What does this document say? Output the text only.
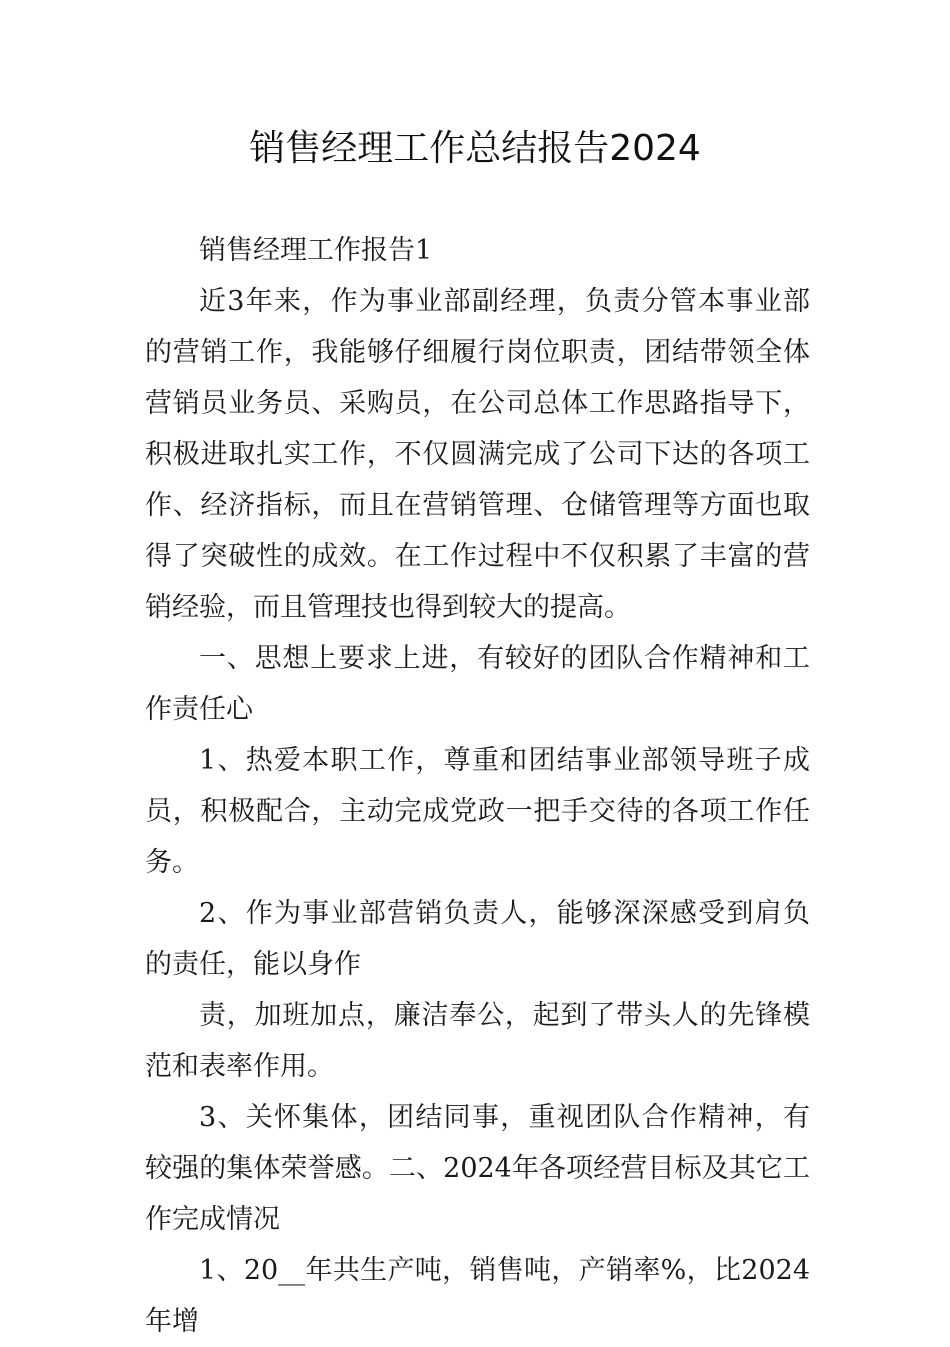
销售经理工作总结报告2024

销售经理工作报告1

近3年来，作为事业部副经理，负责分管本事业部的营销工作，我能够仔细履行岗位职责，团结带领全体营销员业务员、采购员，在公司总体工作思路指导下，积极进取扎实工作，不仅圆满完成了公司下达的各项工作、经济指标，而且在营销管理、仓储管理等方面也取得了突破性的成效。在工作过程中不仅积累了丰富的营销经验，而且管理技也得到较大的提高。

一、思想上要求上进，有较好的团队合作精神和工作责任心

1、热爱本职工作，尊重和团结事业部领导班子成员，积极配合，主动完成党政一把手交待的各项工作任务。

2、作为事业部营销负责人，能够深深感受到肩负的责任，能以身作

责，加班加点，廉洁奉公，起到了带头人的先锋模范和表率作用。

3、关怀集体，团结同事，重视团队合作精神，有较强的集体荣誉感。二、2024年各项经营目标及其它工作完成情况

1、20__年共生产吨，销售吨，产销率%，比2024年增
